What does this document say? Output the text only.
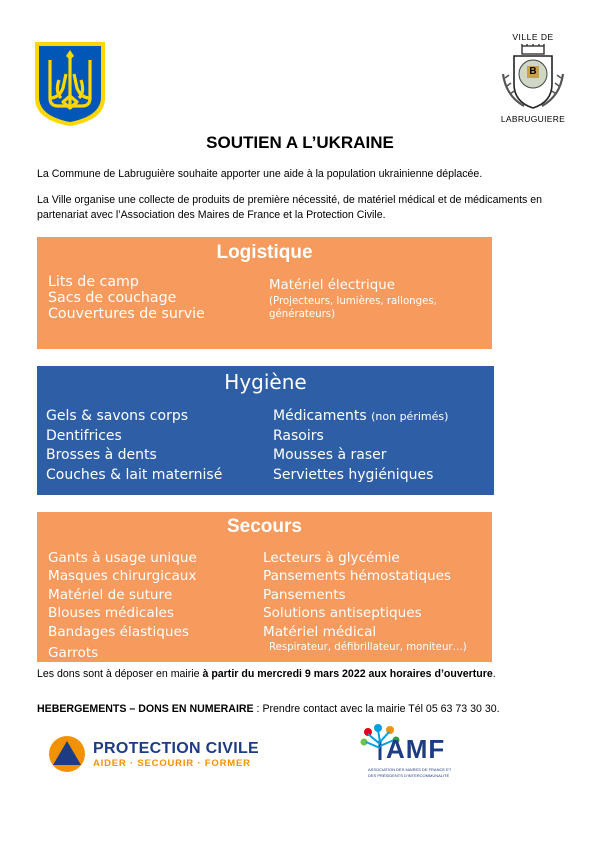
VILLE DE
B
LABRUGUIERE
SOUTIEN A L’UKRAINE
La Commune de Labruguière souhaite apporter une aide à la population ukrainienne déplacée.
La Ville organise une collecte de produits de première nécessité, de matériel médical et de médicaments en partenariat avec l’Association des Maires de France et la Protection Civile.
Logistique
Lits de camp
Sacs de couchage
Couvertures de survie
Matériel électrique
(Projecteurs, lumières, rallonges, générateurs)
Hygiène
Gels & savons corps
Dentifrices
Brosses à dents
Couches & lait maternisé
Médicaments (non périmés)
Rasoirs
Mousses à raser
Serviettes hygiéniques
Secours
Gants à usage unique
Masques chirurgicaux
Matériel de suture
Blouses médicales
Bandages élastiques
Garrots
Lecteurs à glycémie
Pansements hémostatiques
Pansements
Solutions antiseptiques
Matériel médical
Respirateur, défibrillateur, moniteur…)
Les dons sont à déposer en mairie à partir du mercredi 9 mars 2022 aux horaires d’ouverture.
HEBERGEMENTS – DONS EN NUMERAIRE : Prendre contact avec la mairie Tél 05 63 73 30 30.
PROTECTION CIVILE
AIDER · SECOURIR · FORMER	AMF
ASSOCIATION DES MAIRES DE FRANCE ET
DES PRÉSIDENTS D'INTERCOMMUNALITÉ
